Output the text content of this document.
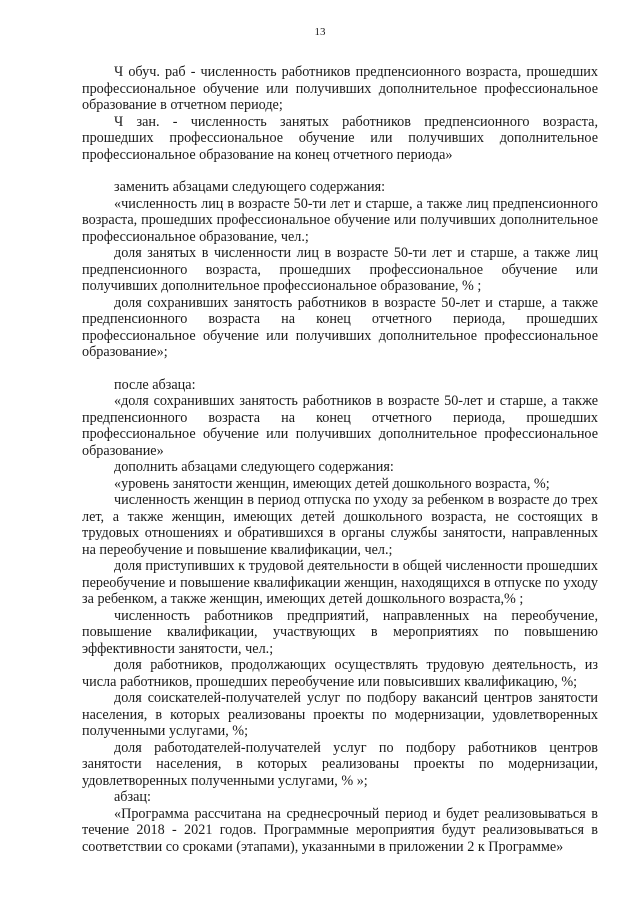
13

Ч обуч. раб - численность работников предпенсионного возраста, прошедших профессиональное обучение или получивших дополнительное профессиональное образование в отчетном периоде;

Ч зан. - численность занятых работников предпенсионного возраста, прошедших профессиональное обучение или получивших дополнительное профессиональное образование на конец отчетного периода»

заменить абзацами следующего содержания:

«численность лиц в возрасте 50-ти лет и старше, а также лиц предпенсионного возраста, прошедших профессиональное обучение или получивших дополнительное профессиональное образование, чел.;

доля занятых в численности лиц в возрасте 50-ти лет и старше, а также лиц предпенсионного возраста, прошедших профессиональное обучение или получивших дополнительное профессиональное образование, % ;

доля сохранивших занятость работников в возрасте 50-лет и старше, а также предпенсионного возраста на конец отчетного периода, прошедших профессиональное обучение или получивших дополнительное профессиональное образование»;

после абзаца:

«доля сохранивших занятость работников в возрасте 50-лет и старше, а также предпенсионного возраста на конец отчетного периода, прошедших профессиональное обучение или получивших дополнительное профессиональное образование»

дополнить абзацами следующего содержания:

«уровень занятости женщин, имеющих детей дошкольного возраста, %;

численность женщин в период отпуска по уходу за ребенком в возрасте до трех лет, а также женщин, имеющих детей дошкольного возраста, не состоящих в трудовых отношениях и обратившихся в органы службы занятости, направленных на переобучение и повышение квалификации, чел.;

доля приступивших к трудовой деятельности в общей численности прошедших переобучение и повышение квалификации женщин, находящихся в отпуске по уходу за ребенком, а также женщин, имеющих детей дошкольного возраста,% ;

численность работников предприятий, направленных на переобучение, повышение квалификации, участвующих в мероприятиях по повышению эффективности занятости, чел.;

доля работников, продолжающих осуществлять трудовую деятельность, из числа работников, прошедших переобучение или повысивших квалификацию, %;

доля соискателей-получателей услуг по подбору вакансий центров занятости населения, в которых реализованы проекты по модернизации, удовлетворенных полученными услугами, %;

доля работодателей-получателей услуг по подбору работников центров занятости населения, в которых реализованы проекты по модернизации, удовлетворенных полученными услугами, % »;

абзац:

«Программа рассчитана на среднесрочный период и будет реализовываться в течение 2018 - 2021 годов. Программные мероприятия будут реализовываться в соответствии со сроками (этапами), указанными в приложении 2 к Программе»
